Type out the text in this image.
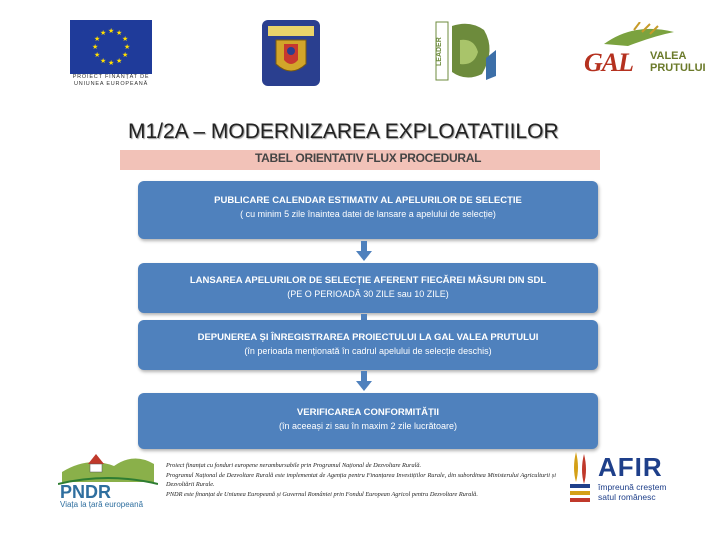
★ ★
★
★
★
★
★
★
★
★
★
★
PROIECT FINANȚAT DE
UNIUNEA EUROPEANĂ
LEADER	GAL VALEA
PRUTULUI
M1/2A – MODERNIZAREA EXPLOATATIILOR
TABEL ORIENTATIV FLUX PROCEDURAL
PUBLICARE CALENDAR ESTIMATIV AL APELURILOR DE SELECȚIE
( cu minim 5 zile înaintea datei de lansare a apelului de selecție)
LANSAREA APELURILOR DE SELECȚIE AFERENT FIECĂREI MĂSURI DIN SDL
(PE O PERIOADĂ 30 ZILE sau 10 ZILE)
DEPUNEREA ȘI ÎNREGISTRAREA PROIECTULUI LA GAL VALEA PRUTULUI
(în perioada menționată în cadrul apelului de selecție deschis)
VERIFICAREA CONFORMITĂȚII
(în aceeași zi sau în maxim 2 zile lucrătoare)
PNDR
Viața la țară europeană
Proiect finanțat cu fonduri europene nerambursabile prin Programul Național de Dezvoltare Rurală.
Programul Național de Dezvoltare Rurală este implementat de Agenția pentru Finanțarea Investițiilor Rurale, din subordinea Ministerului Agriculturii și Dezvoltării Rurale.
PNDR este finanțat de Uniunea Europeană și Guvernul României prin Fondul European Agricol pentru Dezvoltare Rurală.
AFIR
împreună creștem
satul românesc
